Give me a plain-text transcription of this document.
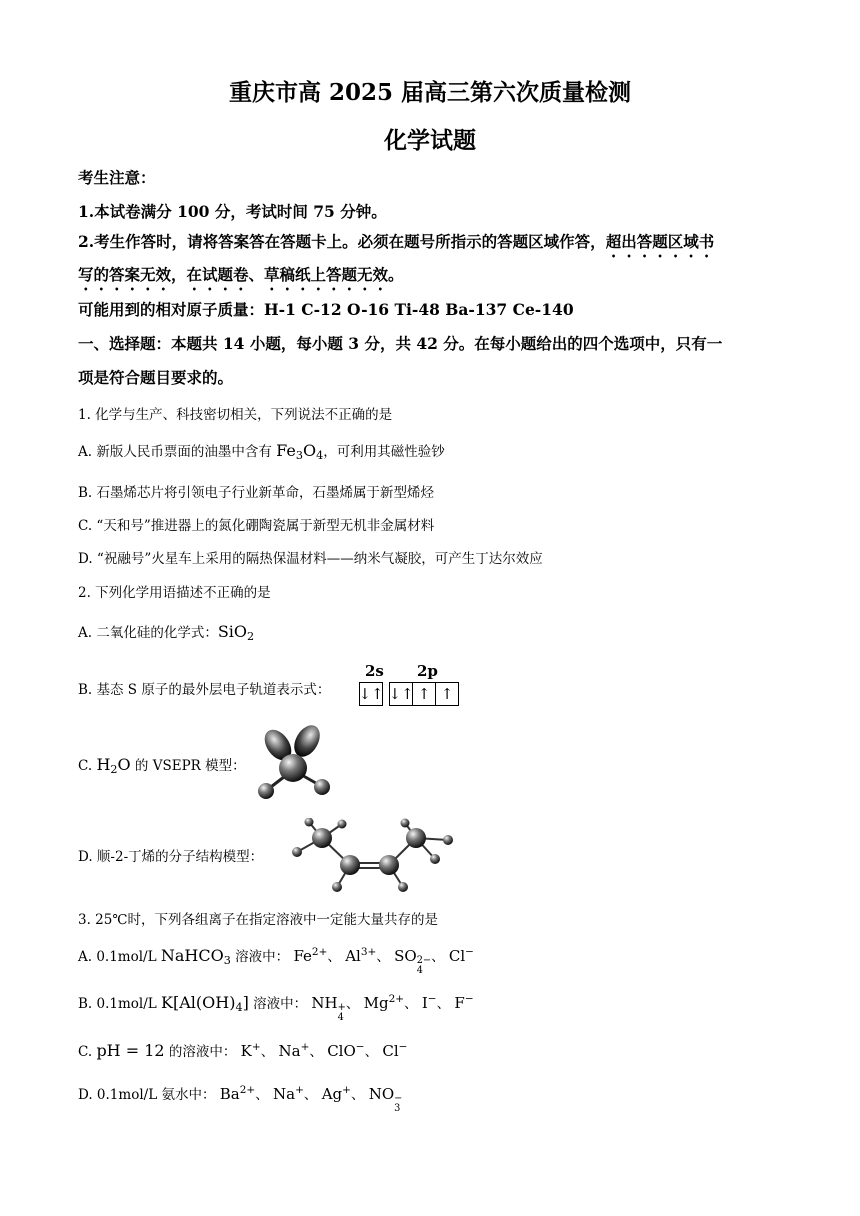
重庆市高 2025 届高三第六次质量检测
化学试题
考生注意：
1.本试卷满分 100 分，考试时间 75 分钟。
2.考生作答时，请将答案答在答题卡上。必须在题号所指示的答题区域作答，超出答题区域书
写的答案无效，在试题卷、草稿纸上答题无效。
可能用到的相对原子质量：H-1 C-12 O-16 Ti-48 Ba-137 Ce-140
一、选择题：本题共 14 小题，每小题 3 分，共 42 分。在每小题给出的四个选项中，只有一
项是符合题目要求的。
1. 化学与生产、科技密切相关，下列说法不正确的是
A. 新版人民币票面的油墨中含有 $Fe_3O_4$，可利用其磁性验钞
B. 石墨烯芯片将引领电子行业新革命，石墨烯属于新型烯烃
C. “天和号”推进器上的氮化硼陶瓷属于新型无机非金属材料
D. “祝融号”火星车上采用的隔热保温材料——纳米气凝胶，可产生丁达尔效应
2. 下列化学用语描述不正确的是
A. 二氧化硅的化学式：SiO$_2$
B. 基态 S 原子的最外层电子轨道表示式：
2s 2p
↓↑ ↓↑ ↑ ↑
C. $H_2O$ 的 VSEPR 模型：
D. 顺-2-丁烯的分子结构模型：
3. 25℃时，下列各组离子在指定溶液中一定能大量共存的是
A. 0.1mol/L NaHCO$_3$ 溶液中： $Fe^{2+}$、 $Al^{3+}$、 SO 2−
4
、 Cl−
B. 0.1mol/L $K[Al(OH)_4]$ 溶液中： NH +
4
、 $Mg^{2+}$、 I−、 F−
C. pH = 12 的溶液中： K+、 Na+、 ClO−、 Cl−
D. 0.1mol/L 氨水中： $Ba^{2+}$、 Na+、 Ag+、 NO −
3
